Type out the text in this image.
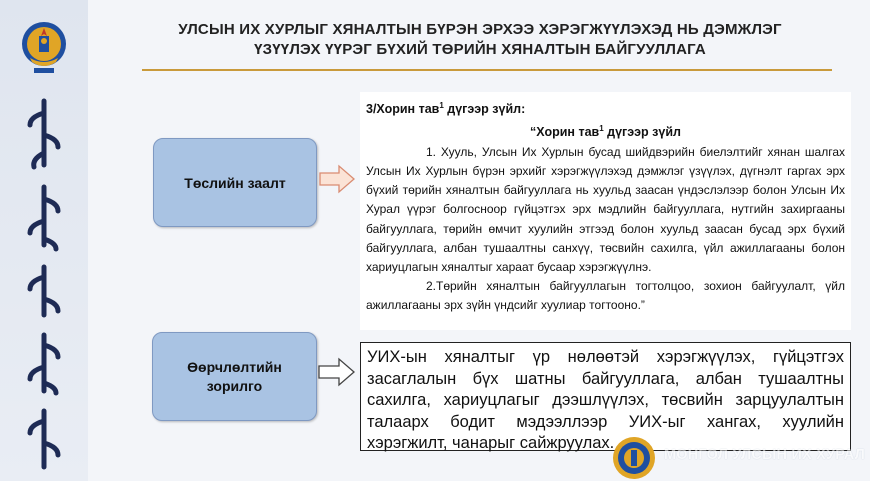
УЛСЫН ИХ ХУРЛЫГ ХЯНАЛТЫН БҮРЭН ЭРХЭЭ ХЭРЭГЖҮҮЛЭХЭД НЬ ДЭМЖЛЭГ
ҮЗҮҮЛЭХ ҮҮРЭГ БҮХИЙ ТӨРИЙН ХЯНАЛТЫН БАЙГУУЛЛАГА
Төслийн заалт
3/Хорин тав$^1$ дүгээр зүйл:
“Хорин тав$^1$ дүгээр зүйл
1. Хууль, Улсын Их Хурлын бусад шийдвэрийн биелэлтийг хянан шалгах Улсын Их Хурлын бүрэн эрхийг хэрэгжүүлэхэд дэмжлэг үзүүлэх, дүгнэлт гаргах эрх бүхий төрийн хяналтын байгууллага нь хуульд заасан үндэслэлээр болон Улсын Их Хурал үүрэг болгосноор гүйцэтгэх эрх мэдлийн байгууллага, нутгийн захиргааны байгууллага, төрийн өмчит хуулийн этгээд болон хуульд заасан бусад эрх бүхий байгууллага, албан тушаалтны санхүү, төсвийн сахилга, үйл ажиллагааны болон хариуцлагын хяналтыг хараат бусаар хэрэгжүүлнэ.
2.Төрийн хяналтын байгууллагын тогтолцоо, зохион байгуулалт, үйл ажиллагааны эрх зүйн үндсийг хуулиар тогтооно.”
Өөрчлөлтийн
зорилго
УИХ-ын хяналтыг үр нөлөөтэй хэрэгжүүлэх, гүйцэтгэх засаглалын бүх шатны байгууллага, албан тушаалтны сахилга, хариуцлагыг дээшлүүлэх, төсвийн зарцуулалтын талаарх бодит мэдээллээр УИХ-ыг хангах, хуулийн хэрэгжилт, чанарыг сайжруулах.
МОНГОЛ УЛСЫН ИХ ХУРАЛ
